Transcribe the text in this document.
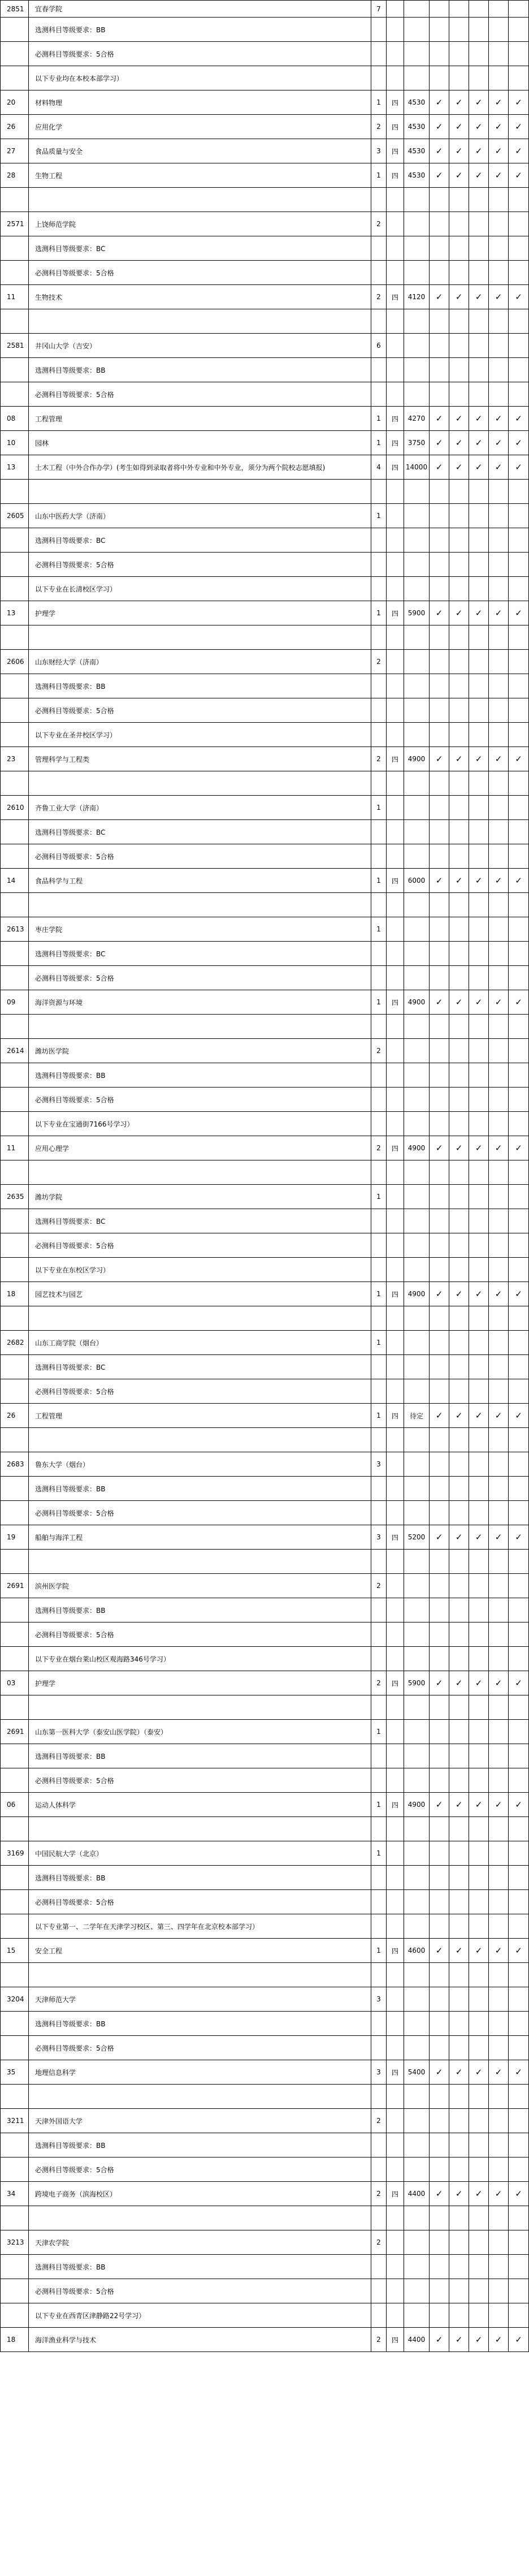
2851	宜春学院	7							
	选测科目等级要求：BB								
	必测科目等级要求：5合格								
	以下专业均在本校本部学习）								
20	材料物理	1	四	4530	✓	✓	✓	✓	✓
26	应用化学	2	四	4530	✓	✓	✓	✓	✓
27	食品质量与安全	3	四	4530	✓	✓	✓	✓	✓
28	生物工程	1	四	4530	✓	✓	✓	✓	✓

2571	上饶师范学院	2							
	选测科目等级要求：BC								
	必测科目等级要求：5合格								
11	生物技术	2	四	4120	✓	✓	✓	✓	✓

2581	井冈山大学（吉安）	6							
	选测科目等级要求：BB								
	必测科目等级要求：5合格								
08	工程管理	1	四	4270	✓	✓	✓	✓	✓
10	园林	1	四	3750	✓	✓	✓	✓	✓
13	土木工程（中外合作办学）(考生如得到录取者将中外专业和中外专业，须分为两个院校志愿填报)	4	四	14000	✓	✓	✓	✓	✓

2605	山东中医药大学（济南）	1							
	选测科目等级要求：BC								
	必测科目等级要求：5合格								
	以下专业在长清校区学习）								
13	护理学	1	四	5900	✓	✓	✓	✓	✓

2606	山东财经大学（济南）	2							
	选测科目等级要求：BB								
	必测科目等级要求：5合格								
	以下专业在圣井校区学习）								
23	管理科学与工程类	2	四	4900	✓	✓	✓	✓	✓

2610	齐鲁工业大学（济南）	1							
	选测科目等级要求：BC								
	必测科目等级要求：5合格								
14	食品科学与工程	1	四	6000	✓	✓	✓	✓	✓

2613	枣庄学院	1							
	选测科目等级要求：BC								
	必测科目等级要求：5合格								
09	海洋资源与环境	1	四	4900	✓	✓	✓	✓	✓

2614	潍坊医学院	2							
	选测科目等级要求：BB								
	必测科目等级要求：5合格								
	以下专业在宝通街7166号学习）								
11	应用心理学	2	四	4900	✓	✓	✓	✓	✓

2635	潍坊学院	1							
	选测科目等级要求：BC								
	必测科目等级要求：5合格								
	以下专业在东校区学习）								
18	园艺技术与园艺	1	四	4900	✓	✓	✓	✓	✓

2682	山东工商学院（烟台）	1							
	选测科目等级要求：BC								
	必测科目等级要求：5合格								
26	工程管理	1	四	待定	✓	✓	✓	✓	✓

2683	鲁东大学（烟台）	3							
	选测科目等级要求：BB								
	必测科目等级要求：5合格								
19	船舶与海洋工程	3	四	5200	✓	✓	✓	✓	✓

2691	滨州医学院	2							
	选测科目等级要求：BB								
	必测科目等级要求：5合格								
	以下专业在烟台莱山校区观海路346号学习）								
03	护理学	2	四	5900	✓	✓	✓	✓	✓

2691	山东第一医科大学（泰安山医学院）（泰安）	1							
	选测科目等级要求：BB								
	必测科目等级要求：5合格								
06	运动人体科学	1	四	4900	✓	✓	✓	✓	✓

3169	中国民航大学（北京）	1							
	选测科目等级要求：BB								
	必测科目等级要求：5合格								
	以下专业第一、二学年在天津学习校区、第三、四学年在北京校本部学习）								
15	安全工程	1	四	4600	✓	✓	✓	✓	✓

3204	天津师范大学	3							
	选测科目等级要求：BB								
	必测科目等级要求：5合格								
35	地理信息科学	3	四	5400	✓	✓	✓	✓	✓

3211	天津外国语大学	2							
	选测科目等级要求：BB								
	必测科目等级要求：5合格								
34	跨境电子商务（滨海校区）	2	四	4400	✓	✓	✓	✓	✓

3213	天津农学院	2							
	选测科目等级要求：BB								
	必测科目等级要求：5合格								
	以下专业在西青区津静路22号学习）								
18	海洋渔业科学与技术	2	四	4400	✓	✓	✓	✓	✓
